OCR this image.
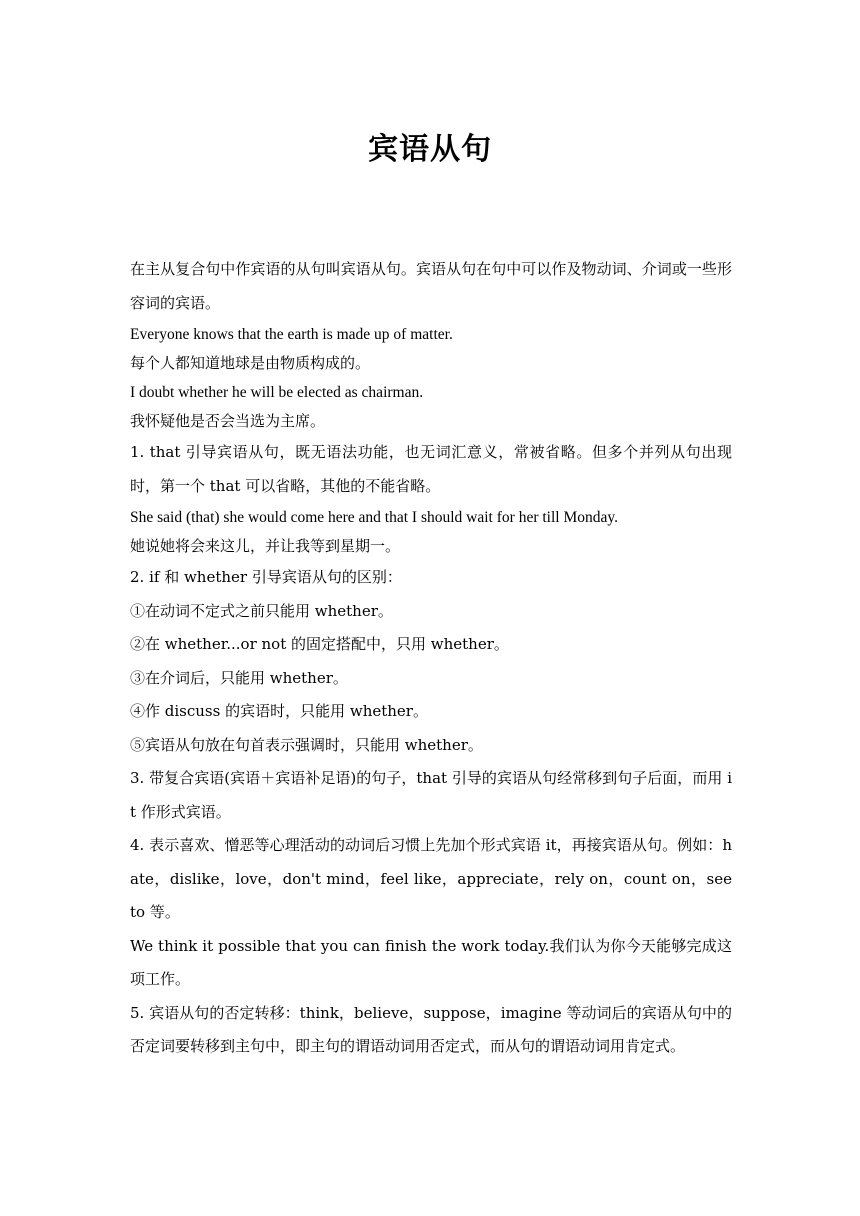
宾语从句

在主从复合句中作宾语的从句叫宾语从句。宾语从句在句中可以作及物动词、介词或一些形容词的宾语。

Everyone knows that the earth is made up of matter.

每个人都知道地球是由物质构成的。

I doubt whether he will be elected as chairman.

我怀疑他是否会当选为主席。

1. that 引导宾语从句，既无语法功能，也无词汇意义，常被省略。但多个并列从句出现时，第一个 that 可以省略，其他的不能省略。

She said (that) she would come here and that I should wait for her till Monday.

她说她将会来这儿，并让我等到星期一。

2. if 和 whether 引导宾语从句的区别：

①在动词不定式之前只能用 whether。

②在 whether...or not 的固定搭配中，只用 whether。

③在介词后，只能用 whether。

④作 discuss 的宾语时，只能用 whether。

⑤宾语从句放在句首表示强调时，只能用 whether。

3. 带复合宾语(宾语＋宾语补足语)的句子，that 引导的宾语从句经常移到句子后面，而用 it 作形式宾语。

4. 表示喜欢、憎恶等心理活动的动词后习惯上先加个形式宾语 it，再接宾语从句。例如：hate，dislike，love，don't mind，feel like，appreciate，rely on，count on，see to 等。

We think it possible that you can finish the work today.我们认为你今天能够完成这项工作。

5. 宾语从句的否定转移：think，believe，suppose，imagine 等动词后的宾语从句中的否定词要转移到主句中，即主句的谓语动词用否定式，而从句的谓语动词用肯定式。
